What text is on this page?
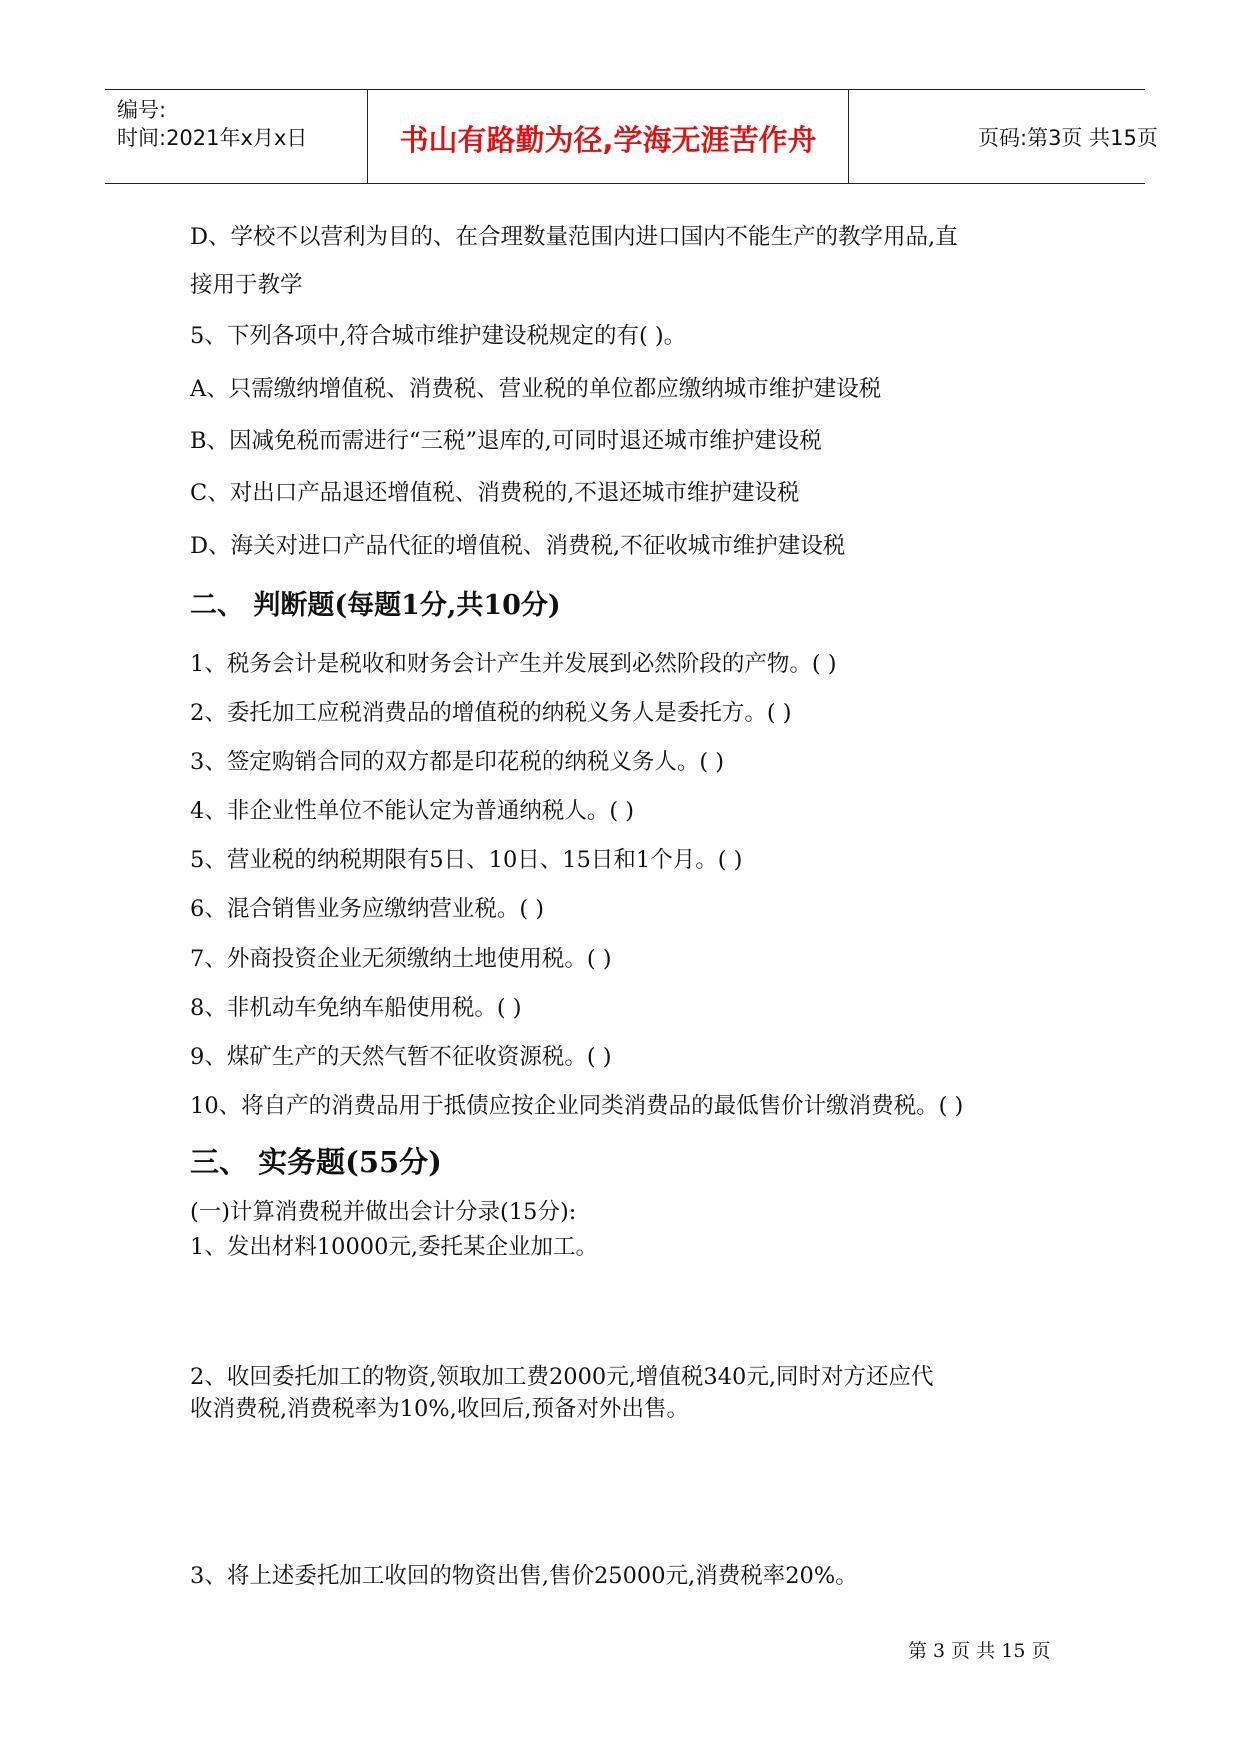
编号:
时间:2021年x月x日	书山有路勤为径,学海无涯苦作舟	页码:第3页 共15页
D、学校不以营利为目的、在合理数量范围内进口国内不能生产的教学用品,直
接用于教学
5、下列各项中,符合城市维护建设税规定的有( )。
A、只需缴纳增值税、消费税、营业税的单位都应缴纳城市维护建设税
B、因减免税而需进行“三税”退库的,可同时退还城市维护建设税
C、对出口产品退还增值税、消费税的,不退还城市维护建设税
D、海关对进口产品代征的增值税、消费税,不征收城市维护建设税
二、 判断题(每题1分,共10分)
1、税务会计是税收和财务会计产生并发展到必然阶段的产物。( )
2、委托加工应税消费品的增值税的纳税义务人是委托方。( )
3、签定购销合同的双方都是印花税的纳税义务人。( )
4、非企业性单位不能认定为普通纳税人。( )
5、营业税的纳税期限有5日、10日、15日和1个月。( )
6、混合销售业务应缴纳营业税。( )
7、外商投资企业无须缴纳土地使用税。( )
8、非机动车免纳车船使用税。( )
9、煤矿生产的天然气暂不征收资源税。( )
10、将自产的消费品用于抵债应按企业同类消费品的最低售价计缴消费税。( )
三、 实务题(55分)
(一)计算消费税并做出会计分录(15分):
1、发出材料10000元,委托某企业加工。
2、收回委托加工的物资,领取加工费2000元,增值税340元,同时对方还应代
收消费税,消费税率为10%,收回后,预备对外出售。
3、将上述委托加工收回的物资出售,售价25000元,消费税率20%。
第 3 页 共 15 页
